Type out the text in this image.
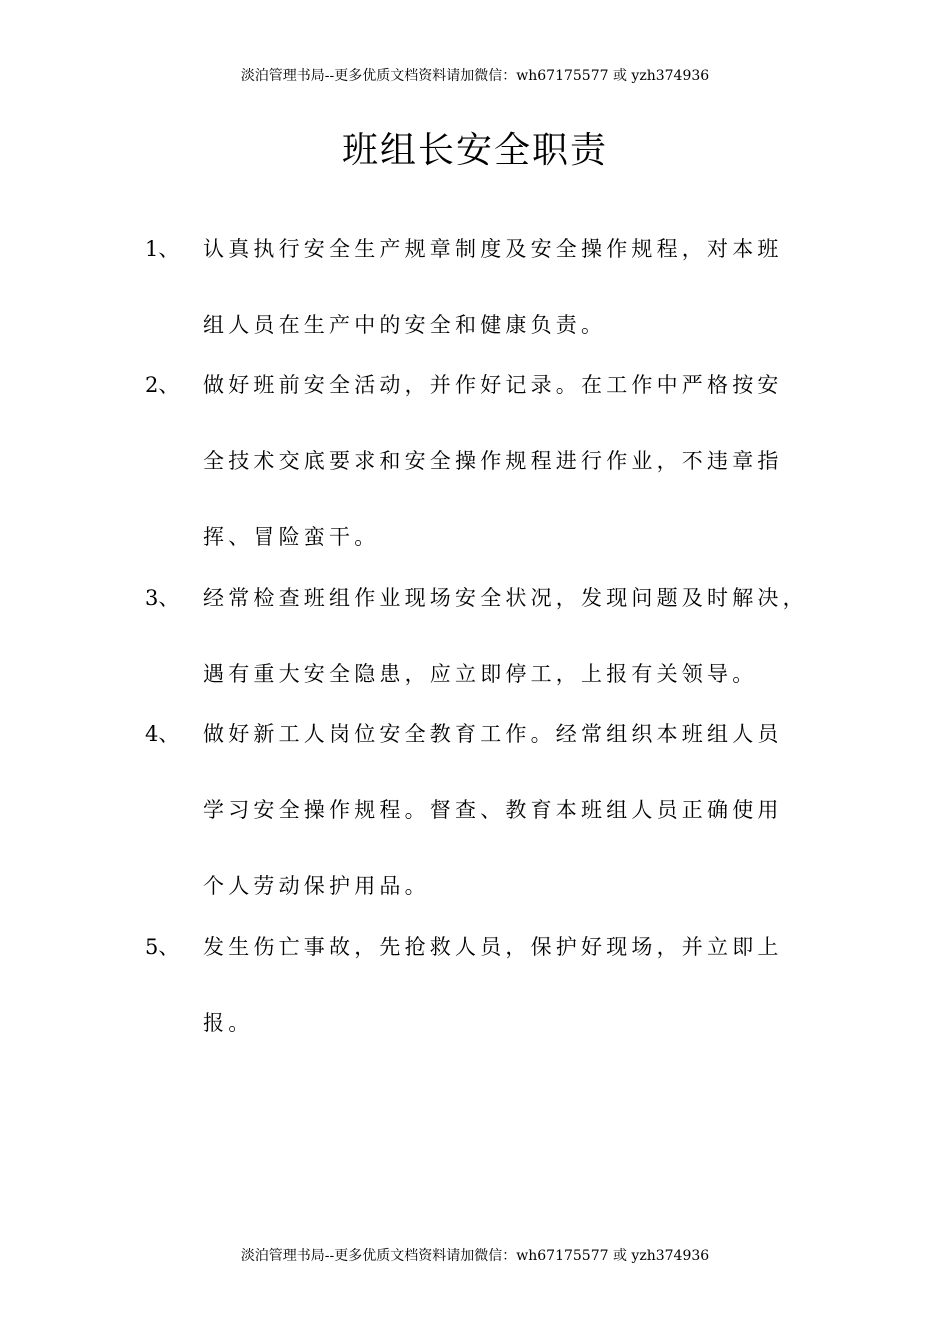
淡泊管理书局--更多优质文档资料请加微信：wh67175577 或 yzh374936
班组长安全职责
1、 认真执行安全生产规章制度及安全操作规程，对本班
组人员在生产中的安全和健康负责。
2、 做好班前安全活动，并作好记录。在工作中严格按安
全技术交底要求和安全操作规程进行作业，不违章指
挥、冒险蛮干。
3、 经常检查班组作业现场安全状况，发现问题及时解决，
遇有重大安全隐患，应立即停工，上报有关领导。
4、 做好新工人岗位安全教育工作。经常组织本班组人员
学习安全操作规程。督查、教育本班组人员正确使用
个人劳动保护用品。
5、 发生伤亡事故，先抢救人员，保护好现场，并立即上
报。
淡泊管理书局--更多优质文档资料请加微信：wh67175577 或 yzh374936
